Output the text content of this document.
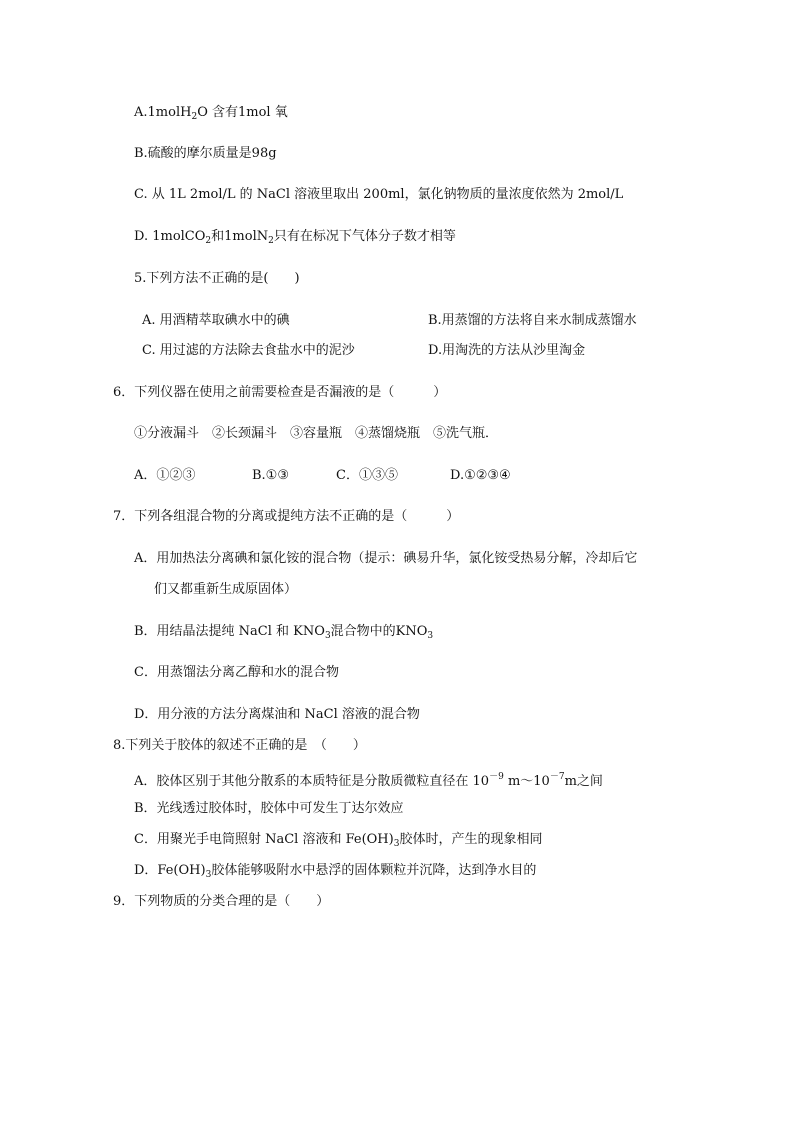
A.1molH$_2$O 含有1mol 氧
B.硫酸的摩尔质量是98g
C. 从 1L 2mol/L 的 NaCl 溶液里取出 200ml，氯化钠物质的量浓度依然为 2mol/L
D. 1molCO$_2$和1molN$_2$只有在标况下气体分子数才相等
5.下列方法不正确的是(　　)
A. 用酒精萃取碘水中的碘	B.用蒸馏的方法将自来水制成蒸馏水
C. 用过滤的方法除去食盐水中的泥沙	D.用淘洗的方法从沙里淘金
6．下列仪器在使用之前需要检查是否漏液的是（　　　）
①分液漏斗　②长颈漏斗　③容量瓶　④蒸馏烧瓶　⑤洗气瓶．
A．①②③	B.①③	C．①③⑤	D.①②③④
7．下列各组混合物的分离或提纯方法不正确的是（　　　）
A．用加热法分离碘和氯化铵的混合物（提示：碘易升华，氯化铵受热易分解，冷却后它
们又都重新生成原固体）
B．用结晶法提纯 NaCl 和 $KNO_3$混合物中的$KNO_3$
C．用蒸馏法分离乙醇和水的混合物
D．用分液的方法分离煤油和 NaCl 溶液的混合物
8.下列关于胶体的叙述不正确的是　（　　）
A．胶体区别于其他分散系的本质特征是分散质微粒直径在 $10^{-9}$ $m\sim 10^{-7}m$之间
B．光线透过胶体时，胶体中可发生丁达尔效应
C．用聚光手电筒照射 NaCl 溶液和 $Fe(OH)_3$胶体时，产生的现象相同
D．$Fe(OH)_3$胶体能够吸附水中悬浮的固体颗粒并沉降，达到净水目的
9．下列物质的分类合理的是（　　）
